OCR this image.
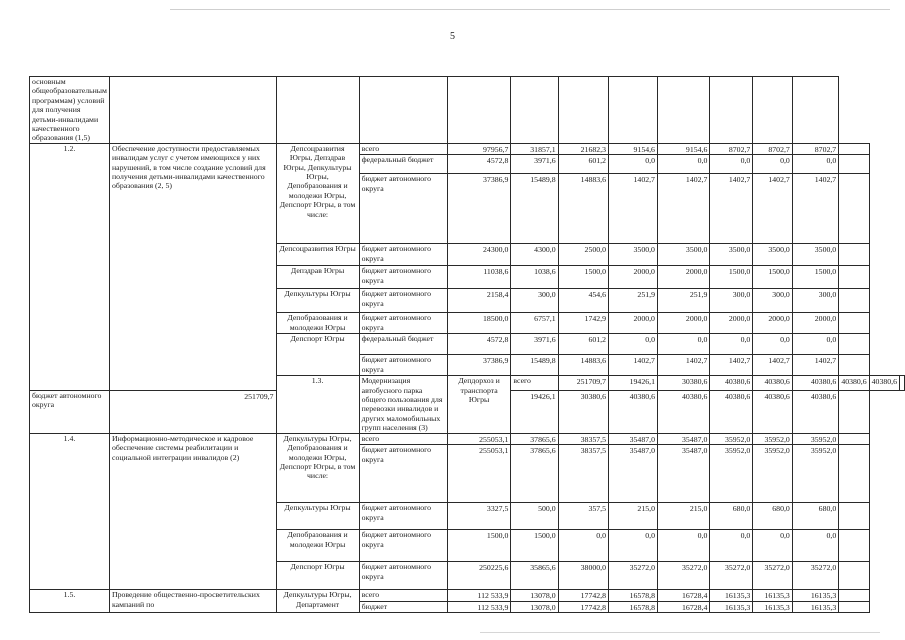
5
основным общеобразовательным программам) условий для получения детьми-инвалидами качественного образования (1,5)														
1.2.	Обеспечение доступности предоставляемых инвалидам услуг с учетом имеющихся у них нарушений, в том числе создание условий для получения детьми-инвалидами качественного образования (2, 5)	Депсоцразвития Югры, Депздрав Югры, Депкультуры Югры, Депобразования и молодежи Югры, Депспорт Югры, в том числе:	всего	97956,7	31857,1	21682,3	9154,6	9154,6	8702,7	8702,7	8702,7			
			федеральный бюджет	4572,8	3971,6	601,2	0,0	0,0	0,0	0,0	0,0			
			бюджет автономного округа	37386,9	15489,8	14883,6	1402,7	1402,7	1402,7	1402,7	1402,7			
		Депсоцразвития Югры	бюджет автономного округа	24300,0	4300,0	2500,0	3500,0	3500,0	3500,0	3500,0	3500,0			
		Депздрав Югры	бюджет автономного округа	11038,6	1038,6	1500,0	2000,0	2000,0	1500,0	1500,0	1500,0			
		Депкультуры Югры	бюджет автономного округа	2158,4	300,0	454,6	251,9	251,9	300,0	300,0	300,0			
		Депобразования и молодежи Югры	бюджет автономного округа	18500,0	6757,1	1742,9	2000,0	2000,0	2000,0	2000,0	2000,0			
		Депспорт Югры	федеральный бюджет	4572,8	3971,6	601,2	0,0	0,0	0,0	0,0	0,0			
			бюджет автономного округа	37386,9	15489,8	14883,6	1402,7	1402,7	1402,7	1402,7	1402,7			
		1.3.	Модернизация автобусного парка общего пользования для перевозки инвалидов и других маломобильных групп населения (3)	Депдорхоз и транспорта Югры	всего	251709,7	19426,1	30380,6	40380,6	40380,6	40380,6	40380,6	40380,6	
бюджет автономного округа	251709,7				19426,1	30380,6	40380,6	40380,6	40380,6	40380,6	40380,6			
1.4.	Информационно-методическое и кадровое обеспечение системы реабилитации и социальной интеграции инвалидов (2)	Депкультуры Югры, Депобразования и молодежи Югры, Депспорт Югры, в том числе:	всего	255053,1	37865,6	38357,5	35487,0	35487,0	35952,0	35952,0	35952,0			
			бюджет автономного округа	255053,1	37865,6	38357,5	35487,0	35487,0	35952,0	35952,0	35952,0			
		Депкультуры Югры	бюджет автономного округа	3327,5	500,0	357,5	215,0	215,0	680,0	680,0	680,0			
		Депобразования и молодежи Югры	бюджет автономного округа	1500,0	1500,0	0,0	0,0	0,0	0,0	0,0	0,0			
		Депспорт Югры	бюджет автономного округа	250225,6	35865,6	38000,0	35272,0	35272,0	35272,0	35272,0	35272,0			
1.5.	Проведение общественно-просветительских кампаний по	Депкультуры Югры, Департамент	всего	112 533,9	13078,0	17742,8	16578,8	16728,4	16135,3	16135,3	16135,3			
			бюджет	112 533,9	13078,0	17742,8	16578,8	16728,4	16135,3	16135,3	16135,3			
